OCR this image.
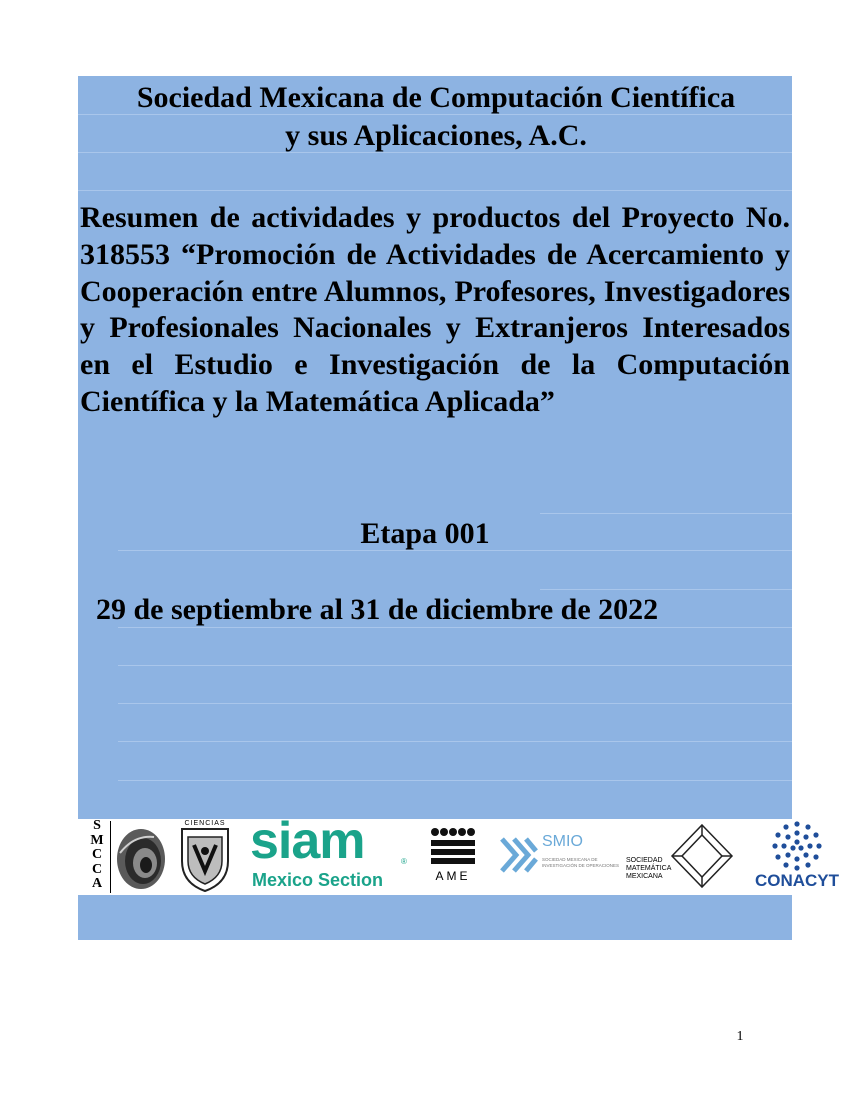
Sociedad Mexicana de Computación Científica
y sus Aplicaciones, A.C.
Resumen de actividades y productos del Proyecto No. 318553 “Promoción de Actividades de Acercamiento y Cooperación entre Alumnos, Profesores, Investigadores y Profesionales Nacionales y Extranjeros Interesados en el Estudio e Investigación de la Computación Científica y la Matemática Aplicada”
Etapa 001
29 de septiembre al 31 de diciembre de 2022
S
M
C
C
A
CIENCIAS siam	®
Mexico Section	AME
SMIO
SOCIEDAD MEXICANA DE
INVESTIGACIÓN DE OPERACIONES
SOCIEDAD
MATEMÁTICA
MEXICANA	CONACYT
1
